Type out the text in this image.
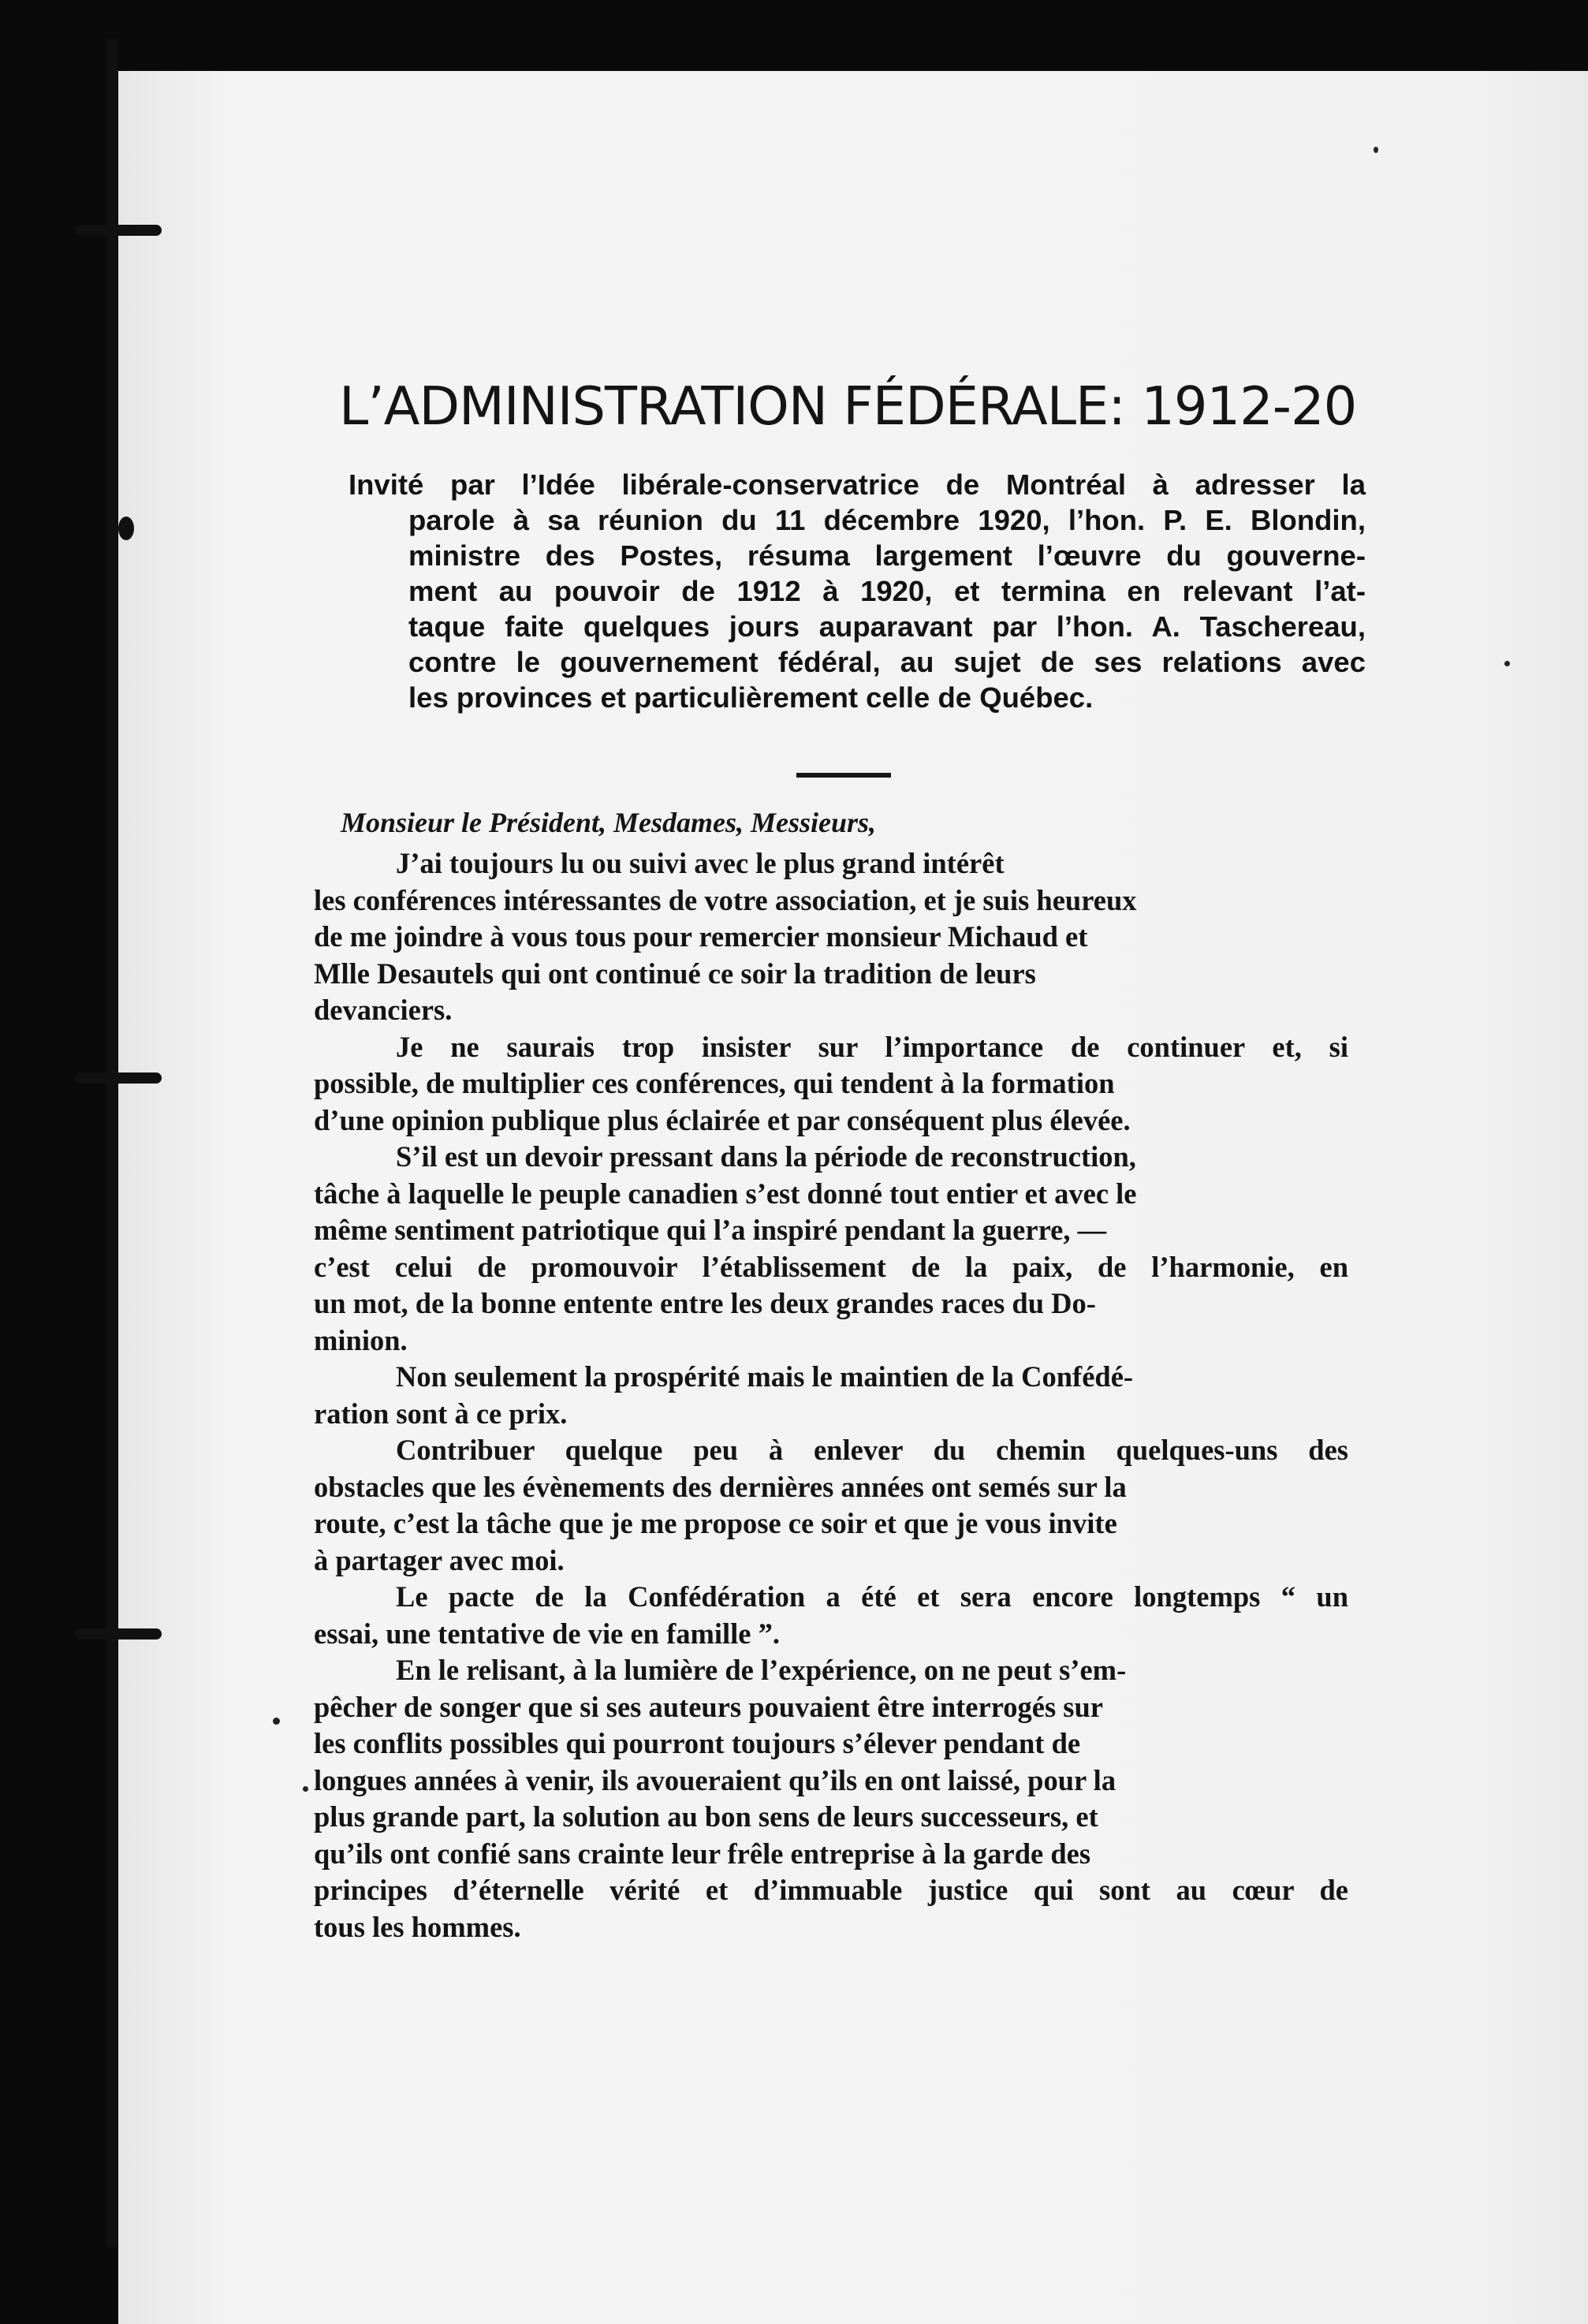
L’ADMINISTRATION FÉDÉRALE: 1912-20
Invité par l’Idée libérale-conservatrice de Montréal à adresser la
parole à sa réunion du 11 décembre 1920, l’hon. P. E. Blondin,
ministre des Postes, résuma largement l’œuvre du gouverne-
ment au pouvoir de 1912 à 1920, et termina en relevant l’at-
taque faite quelques jours auparavant par l’hon. A. Taschereau,
contre le gouvernement fédéral, au sujet de ses relations avec
les provinces et particulièrement celle de Québec.
Monsieur le Président, Mesdames, Messieurs,
J’ai toujours lu ou suivi avec le plus grand intérêt
les conférences intéressantes de votre association, et je suis heureux
de me joindre à vous tous pour remercier monsieur Michaud et
Mlle Desautels qui ont continué ce soir la tradition de leurs
devanciers.
Je ne saurais trop insister sur l’importance de continuer et, si
possible, de multiplier ces conférences, qui tendent à la formation
d’une opinion publique plus éclairée et par conséquent plus élevée.
S’il est un devoir pressant dans la période de reconstruction,
tâche à laquelle le peuple canadien s’est donné tout entier et avec le
même sentiment patriotique qui l’a inspiré pendant la guerre, —
c’est celui de promouvoir l’établissement de la paix, de l’harmonie, en
un mot, de la bonne entente entre les deux grandes races du Do-
minion.
Non seulement la prospérité mais le maintien de la Confédé-
ration sont à ce prix.
Contribuer quelque peu à enlever du chemin quelques-uns des
obstacles que les évènements des dernières années ont semés sur la
route, c’est la tâche que je me propose ce soir et que je vous invite
à partager avec moi.
Le pacte de la Confédération a été et sera encore longtemps “ un
essai, une tentative de vie en famille ”.
En le relisant, à la lumière de l’expérience, on ne peut s’em-
pêcher de songer que si ses auteurs pouvaient être interrogés sur
les conflits possibles qui pourront toujours s’élever pendant de
longues années à venir, ils avoueraient qu’ils en ont laissé, pour la
plus grande part, la solution au bon sens de leurs successeurs, et
qu’ils ont confié sans crainte leur frêle entreprise à la garde des
principes d’éternelle vérité et d’immuable justice qui sont au cœur de
tous les hommes.
